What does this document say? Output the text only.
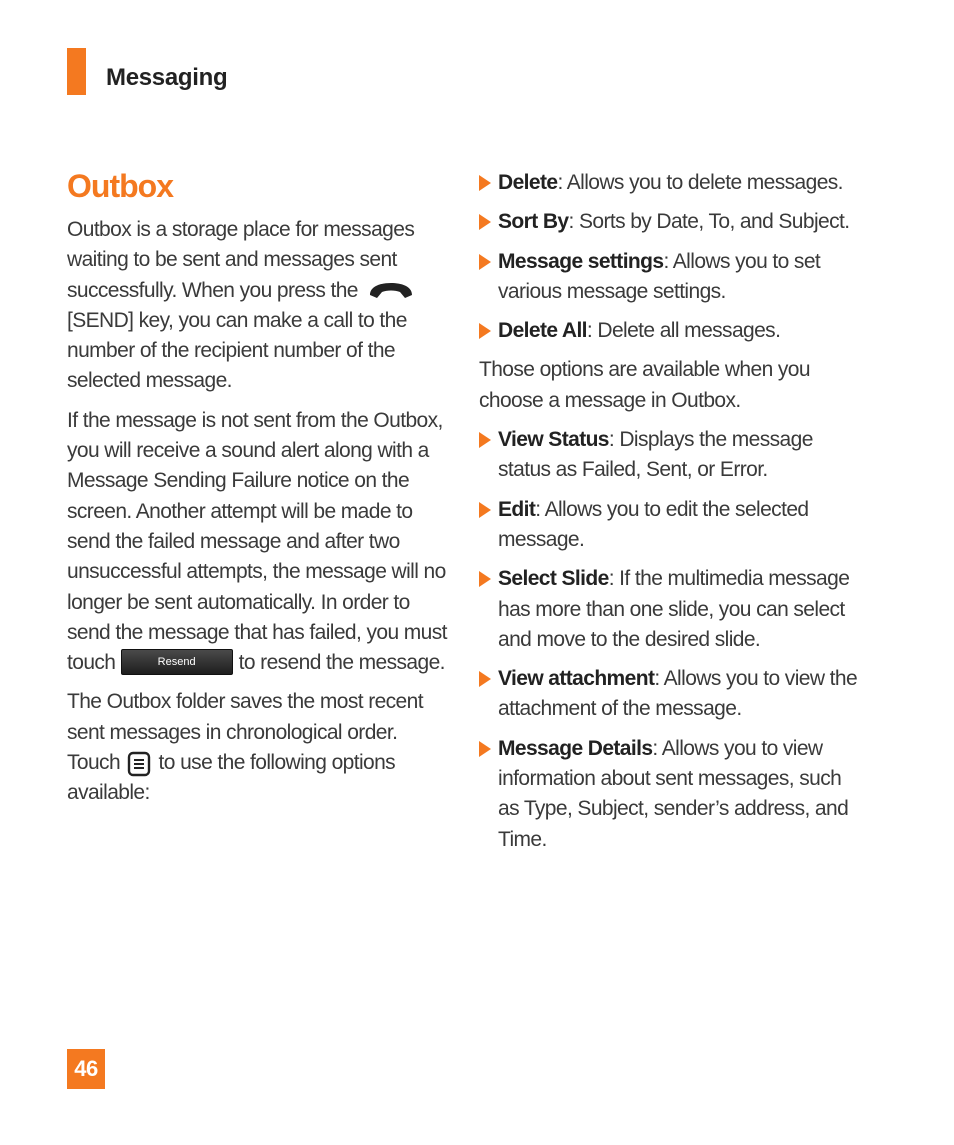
Messaging
Outbox

Outbox is a storage place for messages waiting to be sent and messages sent successfully. When you press the  [SEND] key, you can make a call to the number of the recipient number of the selected message.

If the message is not sent from the Outbox, you will receive a sound alert along with a Message Sending Failure notice on the screen. Another attempt will be made to send the failed message and after two unsuccessful attempts, the message will no longer be sent automatically. In order to send the message that has failed, you must touch	Resend to resend the message.

The Outbox folder saves the most recent sent messages in chronological order. Touch to use the following options available:

Delete: Allows you to delete messages.
Sort By: Sorts by Date, To, and Subject.
Message settings: Allows you to set various message settings.
Delete All: Delete all messages.

Those options are available when you choose a message in Outbox.

View Status: Displays the message status as Failed, Sent, or Error.
Edit: Allows you to edit the selected message.
Select Slide: If the multimedia message has more than one slide, you can select and move to the desired slide.
View attachment: Allows you to view the attachment of the message.
Message Details: Allows you to view information about sent messages, such as Type, Subject, sender’s address, and Time.
46
